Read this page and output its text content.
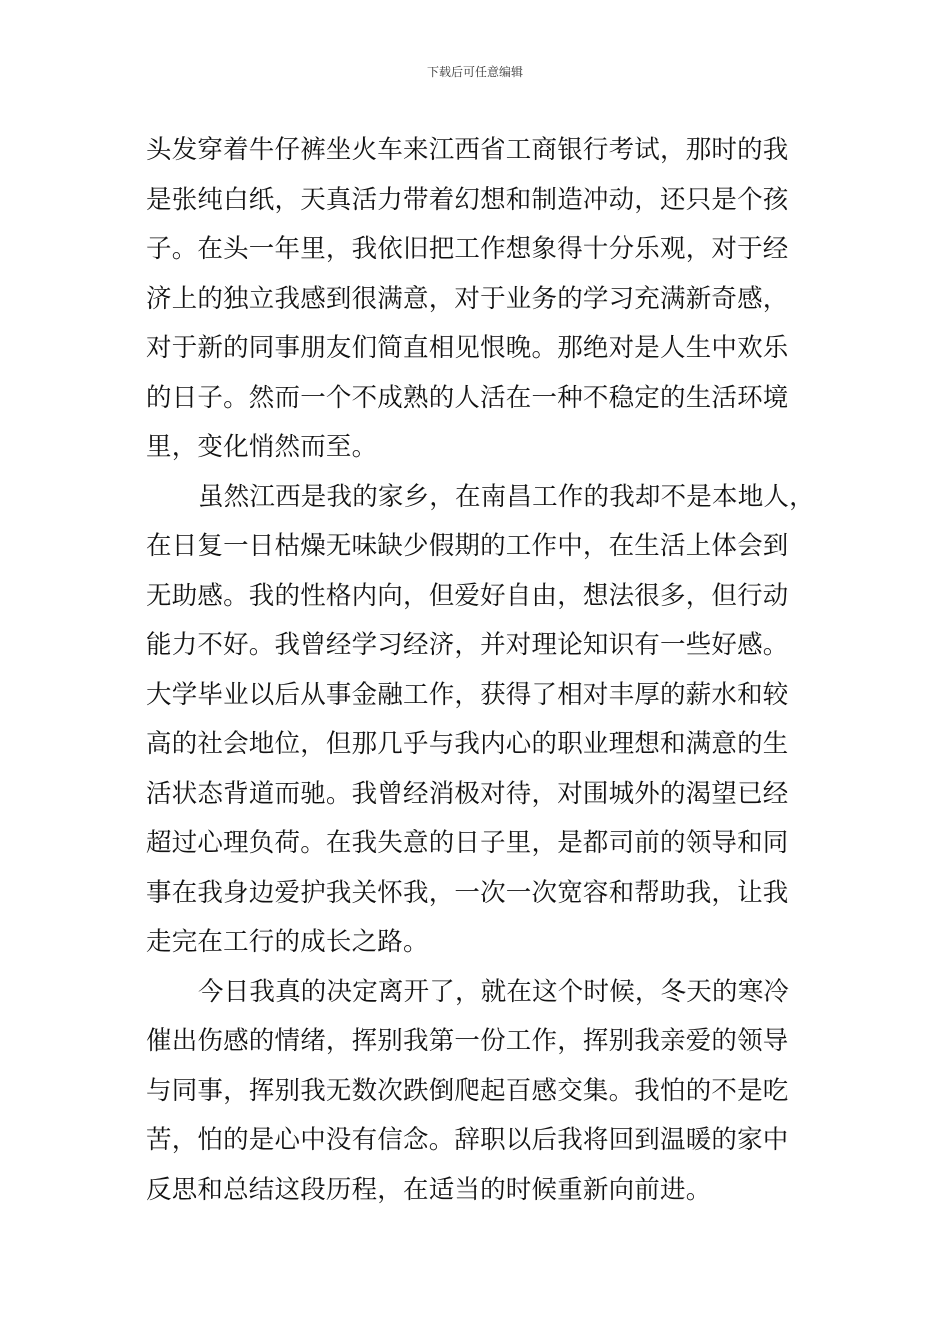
下载后可任意编辑
头发穿着牛仔裤坐火车来江西省工商银行考试，那时的我
是张纯白纸，天真活力带着幻想和制造冲动，还只是个孩
子。在头一年里，我依旧把工作想象得十分乐观，对于经
济上的独立我感到很满意，对于业务的学习充满新奇感，
对于新的同事朋友们简直相见恨晚。那绝对是人生中欢乐
的日子。然而一个不成熟的人活在一种不稳定的生活环境
里，变化悄然而至。
虽然江西是我的家乡，在南昌工作的我却不是本地人，
在日复一日枯燥无味缺少假期的工作中，在生活上体会到
无助感。我的性格内向，但爱好自由，想法很多，但行动
能力不好。我曾经学习经济，并对理论知识有一些好感。
大学毕业以后从事金融工作，获得了相对丰厚的薪水和较
高的社会地位，但那几乎与我内心的职业理想和满意的生
活状态背道而驰。我曾经消极对待，对围城外的渴望已经
超过心理负荷。在我失意的日子里，是都司前的领导和同
事在我身边爱护我关怀我，一次一次宽容和帮助我，让我
走完在工行的成长之路。
今日我真的决定离开了，就在这个时候，冬天的寒冷
催出伤感的情绪，挥别我第一份工作，挥别我亲爱的领导
与同事，挥别我无数次跌倒爬起百感交集。我怕的不是吃
苦，怕的是心中没有信念。辞职以后我将回到温暖的家中
反思和总结这段历程，在适当的时候重新向前进。
